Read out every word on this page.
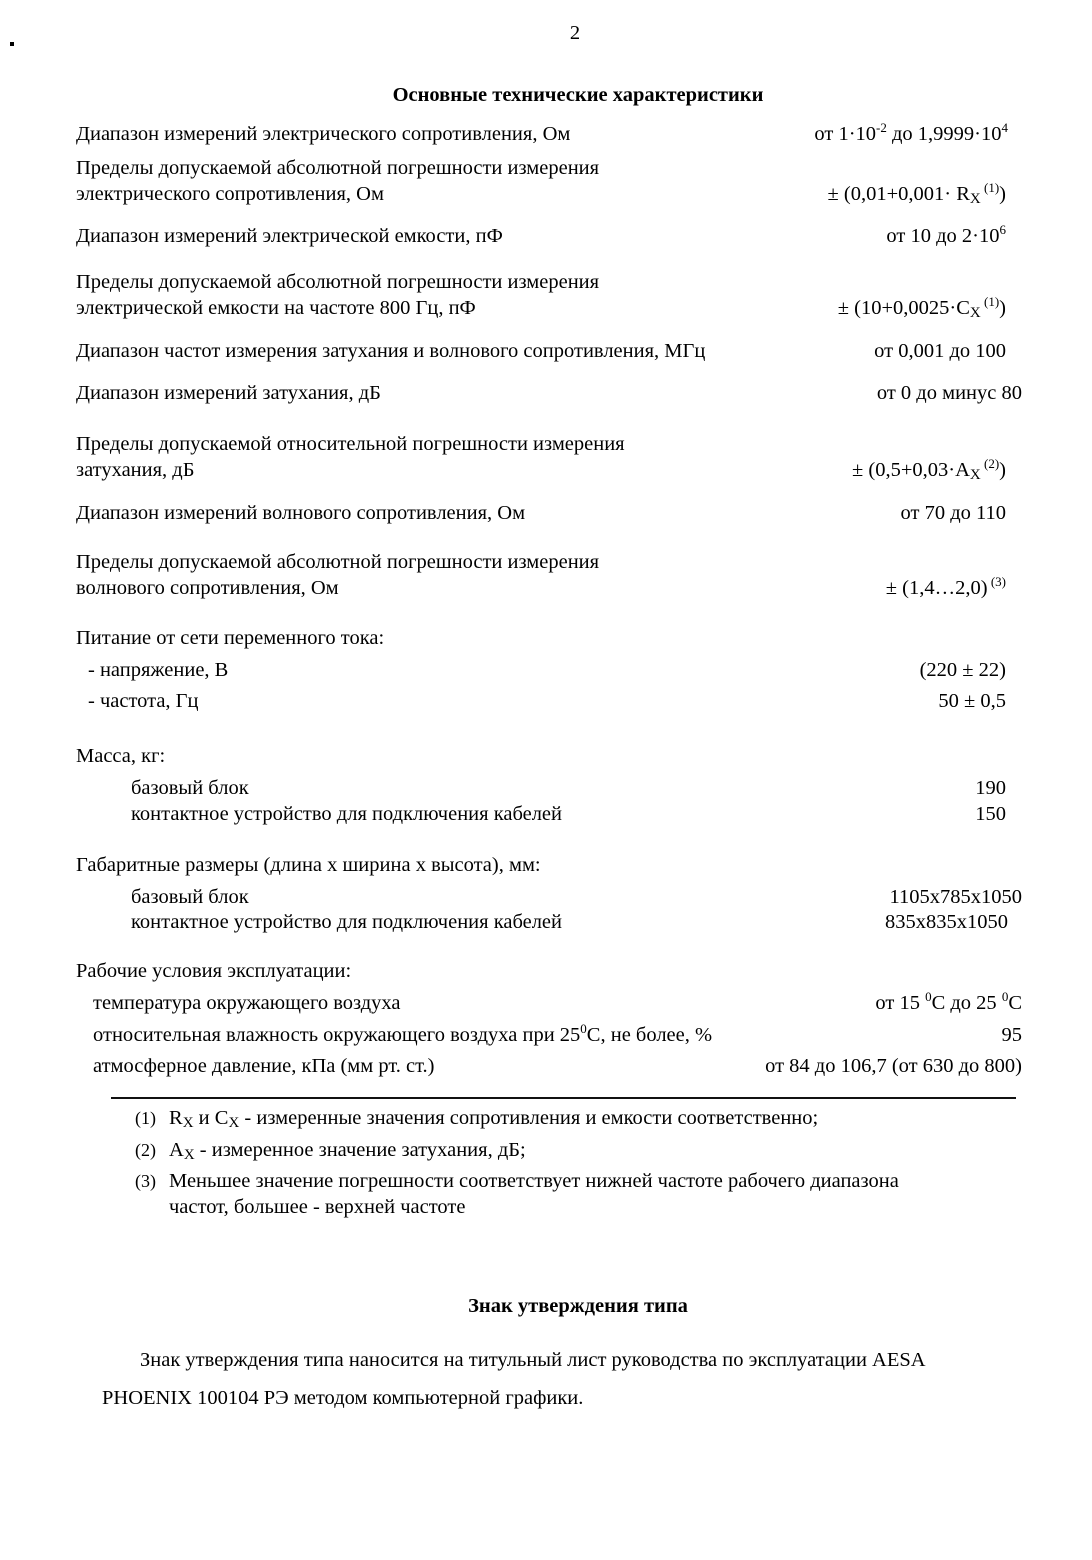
2
Основные технические характеристики
Диапазон измерений электрического сопротивления, Ом	от $1\cdot 10^{-2}$ до $1,9999\cdot 10^4$
Пределы допускаемой абсолютной погрешности измерения
электрического сопротивления, Ом	± ($0,01+0,001\cdot R_X$ $^{(1)}$)
Диапазон измерений электрической емкости, пФ	от 10 до $2\cdot 10^6$
Пределы допускаемой абсолютной погрешности измерения
электрической емкости на частоте 800 Гц, пФ	± ($10+0,0025\cdot C_X$ $^{(1)}$)
Диапазон частот измерения затухания и волнового сопротивления, МГц	от 0,001 до 100
Диапазон измерений затухания, дБ	от 0 до минус 80
Пределы допускаемой относительной погрешности измерения
затухания, дБ	± ($0,5+0,03\cdot A_X$ $^{(2)}$)
Диапазон измерений волнового сопротивления, Ом	от 70 до 110
Пределы допускаемой абсолютной погрешности измерения
волнового сопротивления, Ом	± (1,4…2,0) $^{(3)}$
Питание от сети переменного тока:
- напряжение, В	(220 ± 22)
- частота, Гц	50 ± 0,5
Масса, кг:
базовый блок	190
контактное устройство для подключения кабелей	150
Габаритные размеры (длина х ширина х высота), мм:
базовый блок	1105x785x1050
контактное устройство для подключения кабелей	835x835x1050
Рабочие условия эксплуатации:
температура окружающего воздуха	от 15 $^0$С до 25 $^0$С
относительная влажность окружающего воздуха при $25^0С$, не более, %	95
атмосферное давление, кПа (мм рт. ст.)	от 84 до 106,7 (от 630 до 800)
(1) $R_X$ и $C_X$ - измеренные значения сопротивления и емкости соответственно;
(2) $A_X$ - измеренное значение затухания, дБ;
(3) Меньшее значение погрешности соответствует нижней частоте рабочего диапазона
частот, большее - верхней частоте
Знак утверждения типа
Знак утверждения типа наносится на титульный лист руководства по эксплуатации AESA
PHOENIX 100104 РЭ методом компьютерной графики.
